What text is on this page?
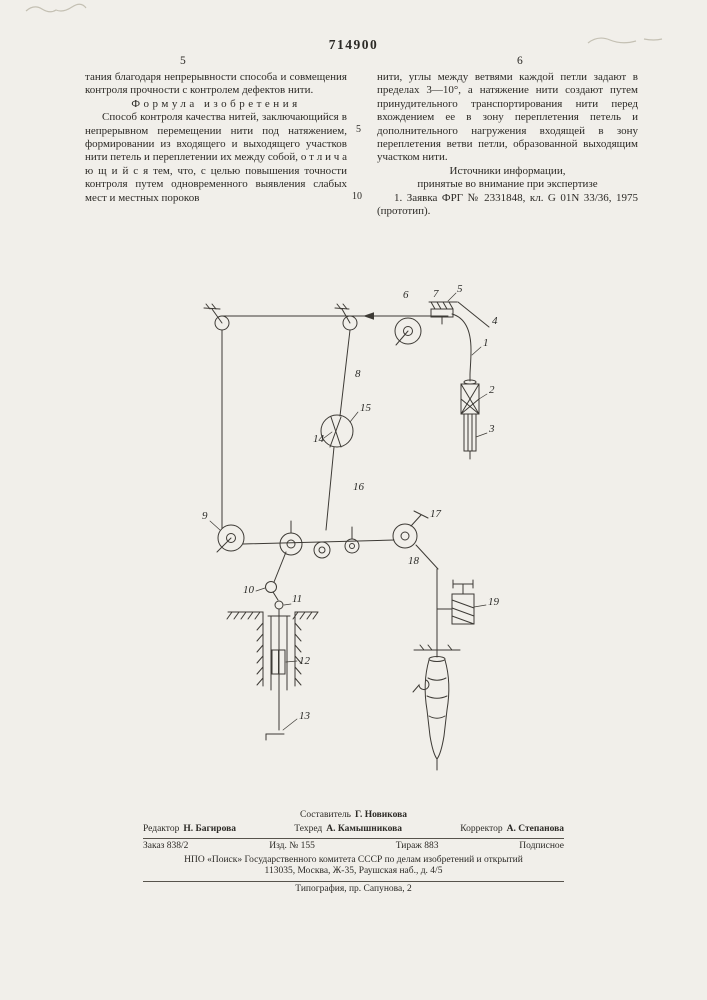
714900
5	6
5
10

тания благодаря непрерывности способа и совмещения контроля прочности с контролем дефектов нити.

Формула изобретения

Способ контроля качества нитей, заключающийся в непрерывном перемещении нити под натяжением, формировании из входящего и выходящего участков нити петель и переплетении их между собой, о т л и ч а ю щ и й с я тем, что, с целью повышения точности контроля путем одновременного выявления слабых мест и местных пороков

нити, углы между ветвями каждой петли задают в пределах 3—10°, а натяжение нити создают путем принудительного транспортирования нити перед вхождением ее в зону переплетения петель и дополнительного нагружения входящей в зону переплетения ветви петли, образованной выходящим участком нити.

Источники информации,

принятые во внимание при экспертизе

1. Заявка ФРГ № 2331848, кл. G 01N 33/36, 1975 (прототип).

1
2
3
4
5
6 7
8
9
10
11
12
13
14
15
16
17
18
19
Составитель Г. Новикова
Редактор Н. Багирова	Техред А. Камышникова	Корректор А. Степанова
Заказ 838/2	Изд. № 155	Тираж 883	Подписное
НПО «Поиск» Государственного комитета СССР по делам изобретений и открытий
113035, Москва, Ж-35, Раушская наб., д. 4/5
Типография, пр. Сапунова, 2
